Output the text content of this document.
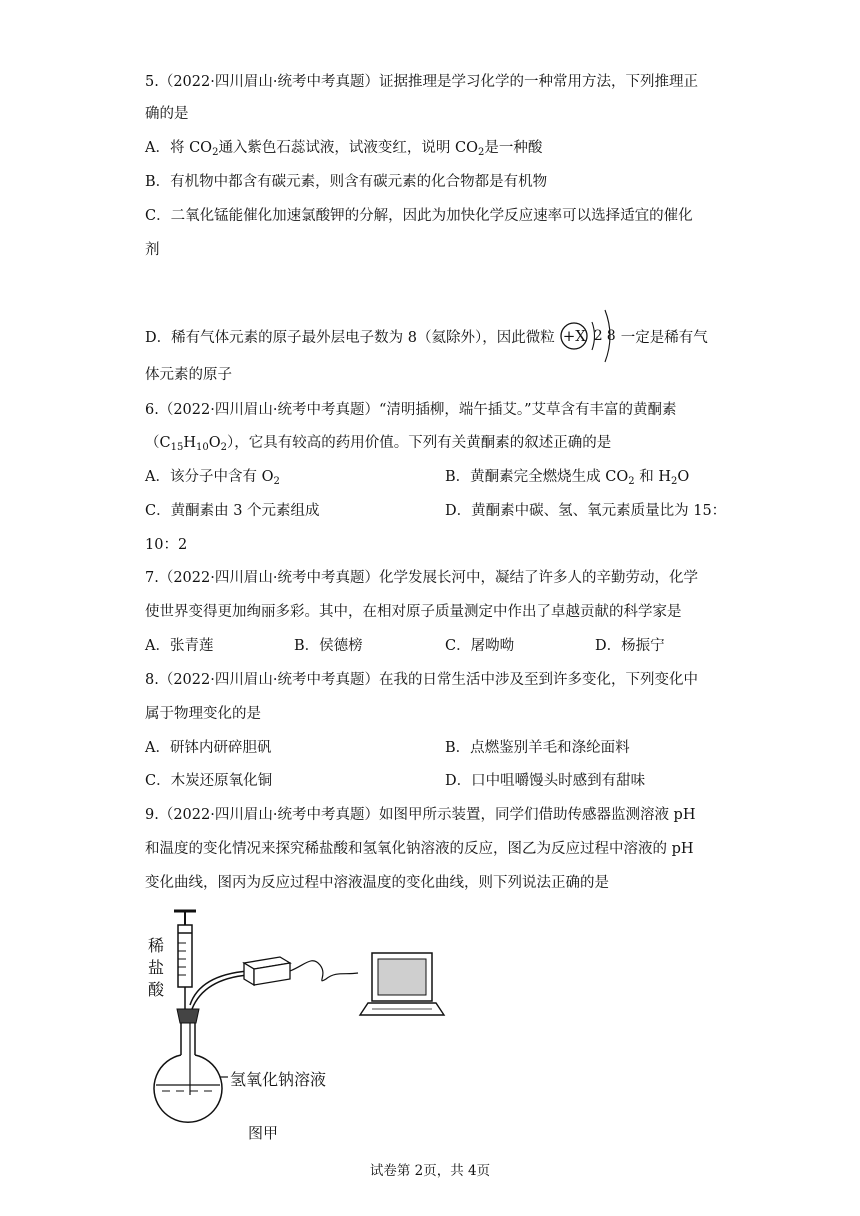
5.（2022·四川眉山·统考中考真题）证据推理是学习化学的一种常用方法，下列推理正
确的是
A．将 $CO_2$通入紫色石蕊试液，试液变红，说明 $CO_2$是一种酸
B．有机物中都含有碳元素，则含有碳元素的化合物都是有机物
C．二氧化锰能催化加速氯酸钾的分解，因此为加快化学反应速率可以选择适宜的催化
剂
D．稀有气体元素的原子最外层电子数为 8（氦除外），因此微粒 +X 2 8 一定是稀有气
体元素的原子
6.（2022·四川眉山·统考中考真题）“清明插柳，端午插艾。”艾草含有丰富的黄酮素
$(C_{15}H_{10}O_2)$，它具有较高的药用价值。下列有关黄酮素的叙述正确的是
A．该分子中含有 $O_2$	B．黄酮素完全燃烧生成 $CO_2$ 和 $H_2O$
C．黄酮素由 3 个元素组成	D．黄酮素中碳、氢、氧元素质量比为 15：
10：2
7.（2022·四川眉山·统考中考真题）化学发展长河中，凝结了许多人的辛勤劳动，化学
使世界变得更加绚丽多彩。其中，在相对原子质量测定中作出了卓越贡献的科学家是
A．张青莲	B．侯德榜	C．屠呦呦	D．杨振宁
8.（2022·四川眉山·统考中考真题）在我的日常生活中涉及至到许多变化，下列变化中
属于物理变化的是
A．研钵内研碎胆矾	B．点燃鉴别羊毛和涤纶面料
C．木炭还原氧化铜	D．口中咀嚼馒头时感到有甜味
9.（2022·四川眉山·统考中考真题）如图甲所示装置，同学们借助传感器监测溶液 pH
和温度的变化情况来探究稀盐酸和氢氧化钠溶液的反应，图乙为反应过程中溶液的 pH
变化曲线，图丙为反应过程中溶液温度的变化曲线，则下列说法正确的是
稀
盐
酸
氢氧化钠溶液
图甲
试卷第 2页，共 4页
